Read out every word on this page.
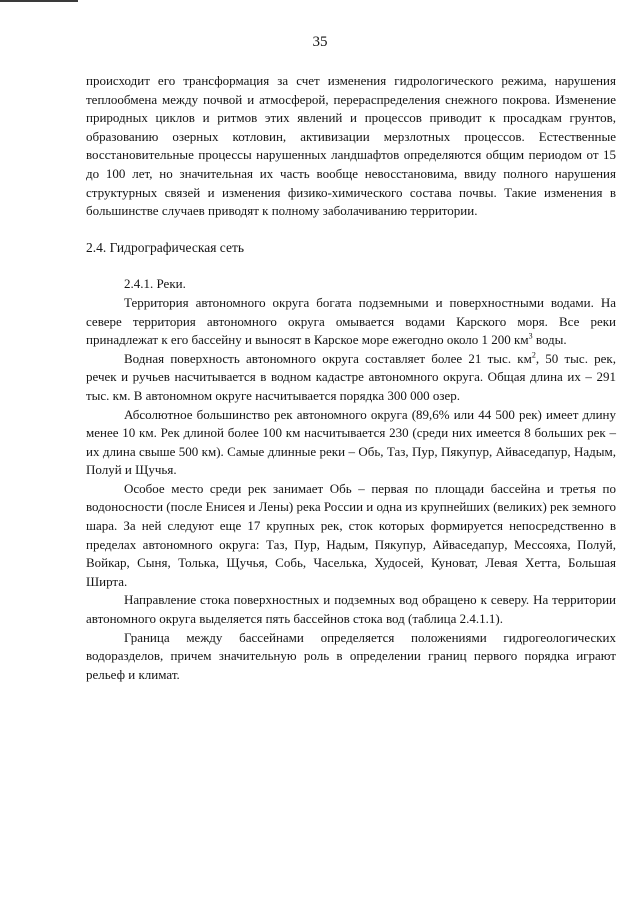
35

происходит его трансформация за счет изменения гидрологического режима, нарушения теплообмена между почвой и атмосферой, перераспределения снежного покрова. Изменение природных циклов и ритмов этих явлений и процессов приводит к просадкам грунтов, образованию озерных котловин, активизации мерзлотных процессов. Естественные восстановительные процессы нарушенных ландшафтов определяются общим периодом от 15 до 100 лет, но значительная их часть вообще невосстановима, ввиду полного нарушения структурных связей и изменения физико-химического состава почвы. Такие изменения в большинстве случаев приводят к полному заболачиванию территории.

2.4. Гидрографическая сеть

2.4.1. Реки.

Территория автономного округа богата подземными и поверхностными водами. На севере территория автономного округа омывается водами Карского моря. Все реки принадлежат к его бассейну и выносят в Карское море ежегодно около 1 200 $км^3$ воды.

Водная поверхность автономного округа составляет более 21 тыс. $км^2$, 50 тыс. рек, речек и ручьев насчитывается в водном кадастре автономного округа. Общая длина их – 291 тыс. км. В автономном округе насчитывается порядка 300 000 озер.

Абсолютное большинство рек автономного округа (89,6% или 44 500 рек) имеет длину менее 10 км. Рек длиной более 100 км насчитывается 230 (среди них имеется 8 больших рек – их длина свыше 500 км). Самые длинные реки – Обь, Таз, Пур, Пякупур, Айваседапур, Надым, Полуй и Щучья.

Особое место среди рек занимает Обь – первая по площади бассейна и третья по водоносности (после Енисея и Лены) река России и одна из крупнейших (великих) рек земного шара. За ней следуют еще 17 крупных рек, сток которых формируется непосредственно в пределах автономного округа: Таз, Пур, Надым, Пякупур, Айваседапур, Мессояха, Полуй, Войкар, Сыня, Толька, Щучья, Собь, Часелька, Худосей, Куноват, Левая Хетта, Большая Ширта.

Направление стока поверхностных и подземных вод обращено к северу. На территории автономного округа выделяется пять бассейнов стока вод (таблица 2.4.1.1).

Граница между бассейнами определяется положениями гидрогеологических водоразделов, причем значительную роль в определении границ первого порядка играют рельеф и климат.
